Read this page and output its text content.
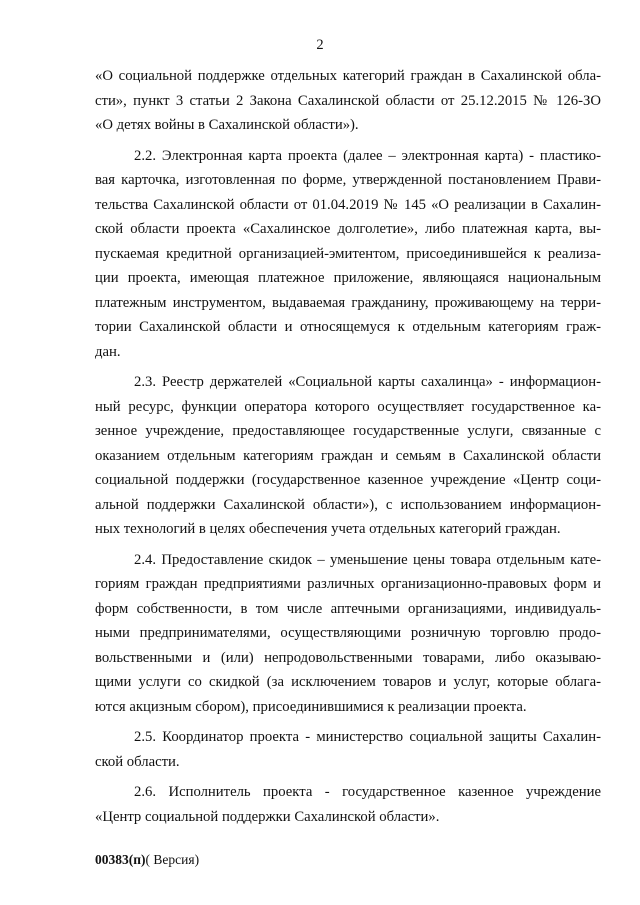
2
«О социальной поддержке отдельных категорий граждан в Сахалинской обла-
сти», пункт 3 статьи 2 Закона Сахалинской области от 25.12.2015 № 126-ЗО
«О детях войны в Сахалинской области»).
2.2. Электронная карта проекта (далее – электронная карта) - пластико-
вая карточка, изготовленная по форме, утвержденной постановлением Прави-
тельства Сахалинской области от 01.04.2019 № 145 «О реализации в Сахалин-
ской области проекта «Сахалинское долголетие», либо платежная карта, вы-
пускаемая кредитной организацией-эмитентом, присоединившейся к реализа-
ции проекта, имеющая платежное приложение, являющаяся национальным
платежным инструментом, выдаваемая гражданину, проживающему на терри-
тории Сахалинской области и относящемуся к отдельным категориям граж-
дан.
2.3. Реестр держателей «Социальной карты сахалинца» - информацион-
ный ресурс, функции оператора которого осуществляет государственное ка-
зенное учреждение, предоставляющее государственные услуги, связанные с
оказанием отдельным категориям граждан и семьям в Сахалинской области
социальной поддержки (государственное казенное учреждение «Центр соци-
альной поддержки Сахалинской области»), с использованием информацион-
ных технологий в целях обеспечения учета отдельных категорий граждан.
2.4. Предоставление скидок – уменьшение цены товара отдельным кате-
гориям граждан предприятиями различных организационно-правовых форм и
форм собственности, в том числе аптечными организациями, индивидуаль-
ными предпринимателями, осуществляющими розничную торговлю продо-
вольственными и (или) непродовольственными товарами, либо оказываю-
щими услуги со скидкой (за исключением товаров и услуг, которые облага-
ются акцизным сбором), присоединившимися к реализации проекта.
2.5. Координатор проекта - министерство социальной защиты Сахалин-
ской области.
2.6. Исполнитель проекта - государственное казенное учреждение
«Центр социальной поддержки Сахалинской области».
00383(п)( Версия)
